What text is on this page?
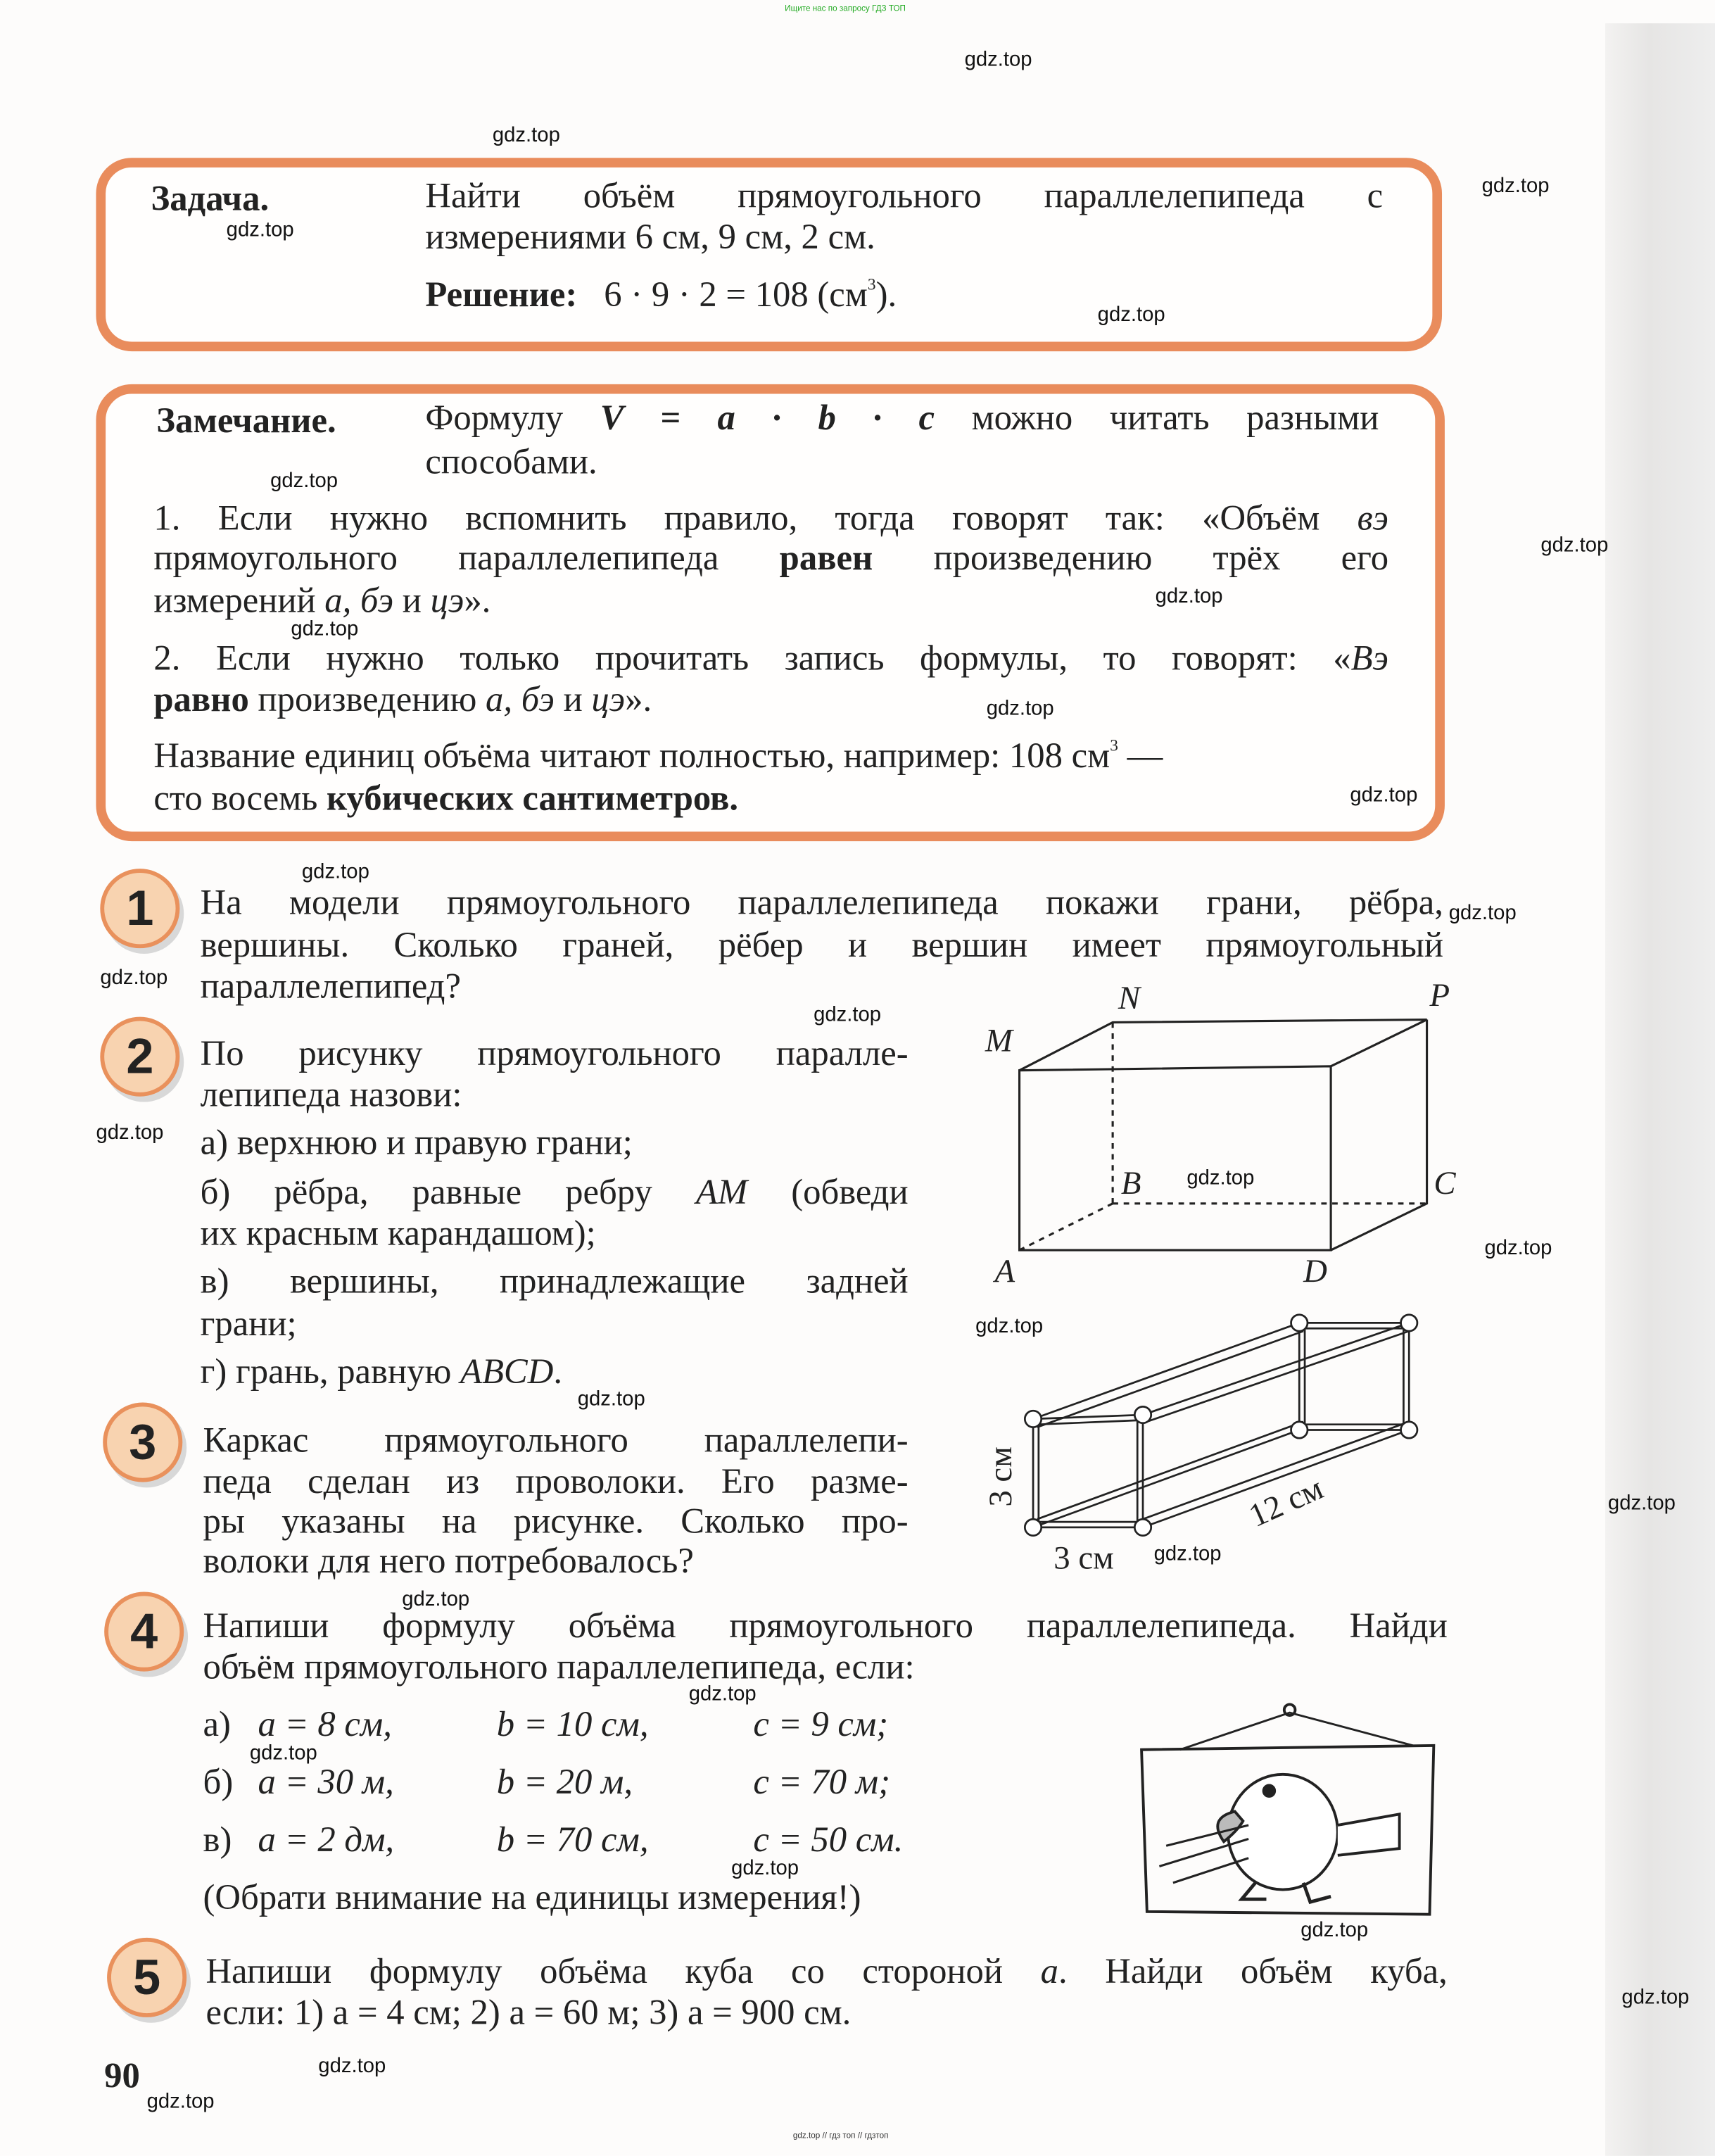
Ищите нас по запросу ГДЗ ТОП
Задача.	Найти объём прямоугольного параллелепипеда с
измерениями 6 см, 9 см, 2 см.
Решение: 6 · 9 · 2 = 108 $(см^3)$.
Замечание.	Формулу V = a · b · c можно читать разными
способами.
1. Если нужно вспомнить правило, тогда говорят так: «Объём вэ
прямоугольного параллелепипеда	равен	произведению трёх его
измерений а, бэ и цэ».
2. Если нужно только прочитать запись формулы, то говорят: «Вэ
равно произведению а, бэ и цэ».
Название единиц объёма читают полностью, например: 108 $см^3$ —
сто восемь кубических сантиметров.
1	На модели прямоугольного параллелепипеда покажи грани, рёбра,
вершины. Сколько граней, рёбер и вершин имеет прямоугольный
параллелепипед?
2	По рисунку прямоугольного паралле-
лепипеда назови:
а) верхнюю и правую грани;
б) рёбра, равные ребру AM (обведи
их красным карандашом);
в) вершины, принадлежащие задней
грани;
г) грань, равную ABCD.
3	Каркас прямоугольного параллелепи-
педа сделан из проволоки. Его разме-
ры указаны на рисунке. Сколько про-
волоки для него потребовалось?
4	Напиши формулу объёма прямоугольного параллелепипеда. Найди
объём прямоугольного параллелепипеда, если:
а) a = 8 см,	b = 10 см,	c = 9 см;
б) a = 30 м,	b = 20 м,	c = 70 м;
в) a = 2 дм,	b = 70 см,	c = 50 см.
(Обрати внимание на единицы измерения!)
5	Напиши формулу объёма куба со стороной a. Найди объём куба,
если: 1) a = 4 см; 2) a = 60 м; 3) a = 900 см.
90
M
N	P
B	C
A	D
3 см
3 см
12 см
gdz.top
gdz.top
gdz.top
gdz.top
gdz.top
gdz.top
gdz.top
gdz.top
gdz.top
gdz.top
gdz.top
gdz.top
gdz.top
gdz.top
gdz.top
gdz.top
gdz.top
gdz.top
gdz.top
gdz.top
gdz.top
gdz.top
gdz.top
gdz.top
gdz.top
gdz.top
gdz.top
gdz.top
gdz.top
gdz.top
gdz.top // гдз топ // гдзтоп
